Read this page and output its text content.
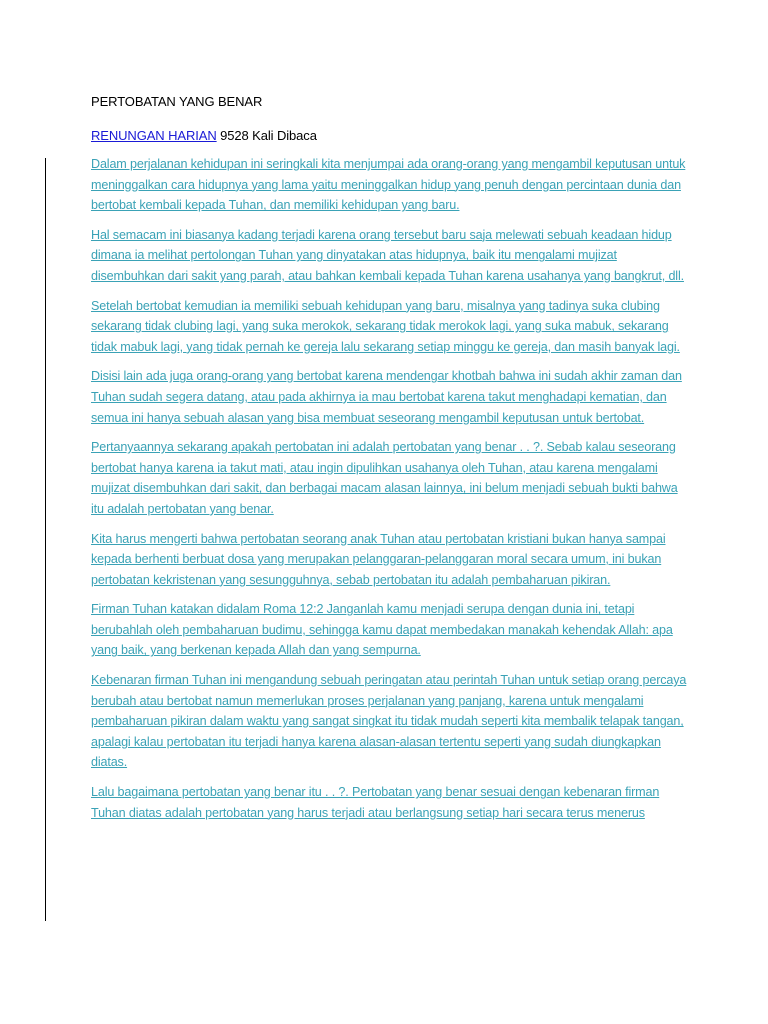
PERTOBATAN YANG BENAR
RENUNGAN HARIAN 9528 Kali Dibaca

Dalam perjalanan kehidupan ini seringkali kita menjumpai ada orang-orang yang mengambil keputusan untuk meninggalkan cara hidupnya yang lama yaitu meninggalkan hidup yang penuh dengan percintaan dunia dan bertobat kembali kepada Tuhan, dan memiliki kehidupan yang baru.

Hal semacam ini biasanya kadang terjadi karena orang tersebut baru saja melewati sebuah keadaan hidup dimana ia melihat pertolongan Tuhan yang dinyatakan atas hidupnya, baik itu mengalami mujizat disembuhkan dari sakit yang parah, atau bahkan kembali kepada Tuhan karena usahanya yang bangkrut, dll.

Setelah bertobat kemudian ia memiliki sebuah kehidupan yang baru, misalnya yang tadinya suka clubing sekarang tidak clubing lagi, yang suka merokok, sekarang tidak merokok lagi, yang suka mabuk, sekarang tidak mabuk lagi, yang tidak pernah ke gereja lalu sekarang setiap minggu ke gereja, dan masih banyak lagi.

Disisi lain ada juga orang-orang yang bertobat karena mendengar khotbah bahwa ini sudah akhir zaman dan Tuhan sudah segera datang, atau pada akhirnya ia mau bertobat karena takut menghadapi kematian, dan semua ini hanya sebuah alasan yang bisa membuat seseorang mengambil keputusan untuk bertobat.

Pertanyaannya sekarang apakah pertobatan ini adalah pertobatan yang benar . . ?. Sebab kalau seseorang bertobat hanya karena ia takut mati, atau ingin dipulihkan usahanya oleh Tuhan, atau karena mengalami mujizat disembuhkan dari sakit, dan berbagai macam alasan lainnya, ini belum menjadi sebuah bukti bahwa itu adalah pertobatan yang benar.

Kita harus mengerti bahwa pertobatan seorang anak Tuhan atau pertobatan kristiani bukan hanya sampai kepada berhenti berbuat dosa yang merupakan pelanggaran-pelanggaran moral secara umum, ini bukan pertobatan kekristenan yang sesungguhnya, sebab pertobatan itu adalah pembaharuan pikiran.

Firman Tuhan katakan didalam Roma 12:2 Janganlah kamu menjadi serupa dengan dunia ini, tetapi berubahlah oleh pembaharuan budimu, sehingga kamu dapat membedakan manakah kehendak Allah: apa yang baik, yang berkenan kepada Allah dan yang sempurna.

Kebenaran firman Tuhan ini mengandung sebuah peringatan atau perintah Tuhan untuk setiap orang percaya berubah atau bertobat namun memerlukan proses perjalanan yang panjang, karena untuk mengalami pembaharuan pikiran dalam waktu yang sangat singkat itu tidak mudah seperti kita membalik telapak tangan, apalagi kalau pertobatan itu terjadi hanya karena alasan-alasan tertentu seperti yang sudah diungkapkan diatas.

Lalu bagaimana pertobatan yang benar itu . . ?. Pertobatan yang benar sesuai dengan kebenaran firman Tuhan diatas adalah pertobatan yang harus terjadi atau berlangsung setiap hari secara terus menerus
